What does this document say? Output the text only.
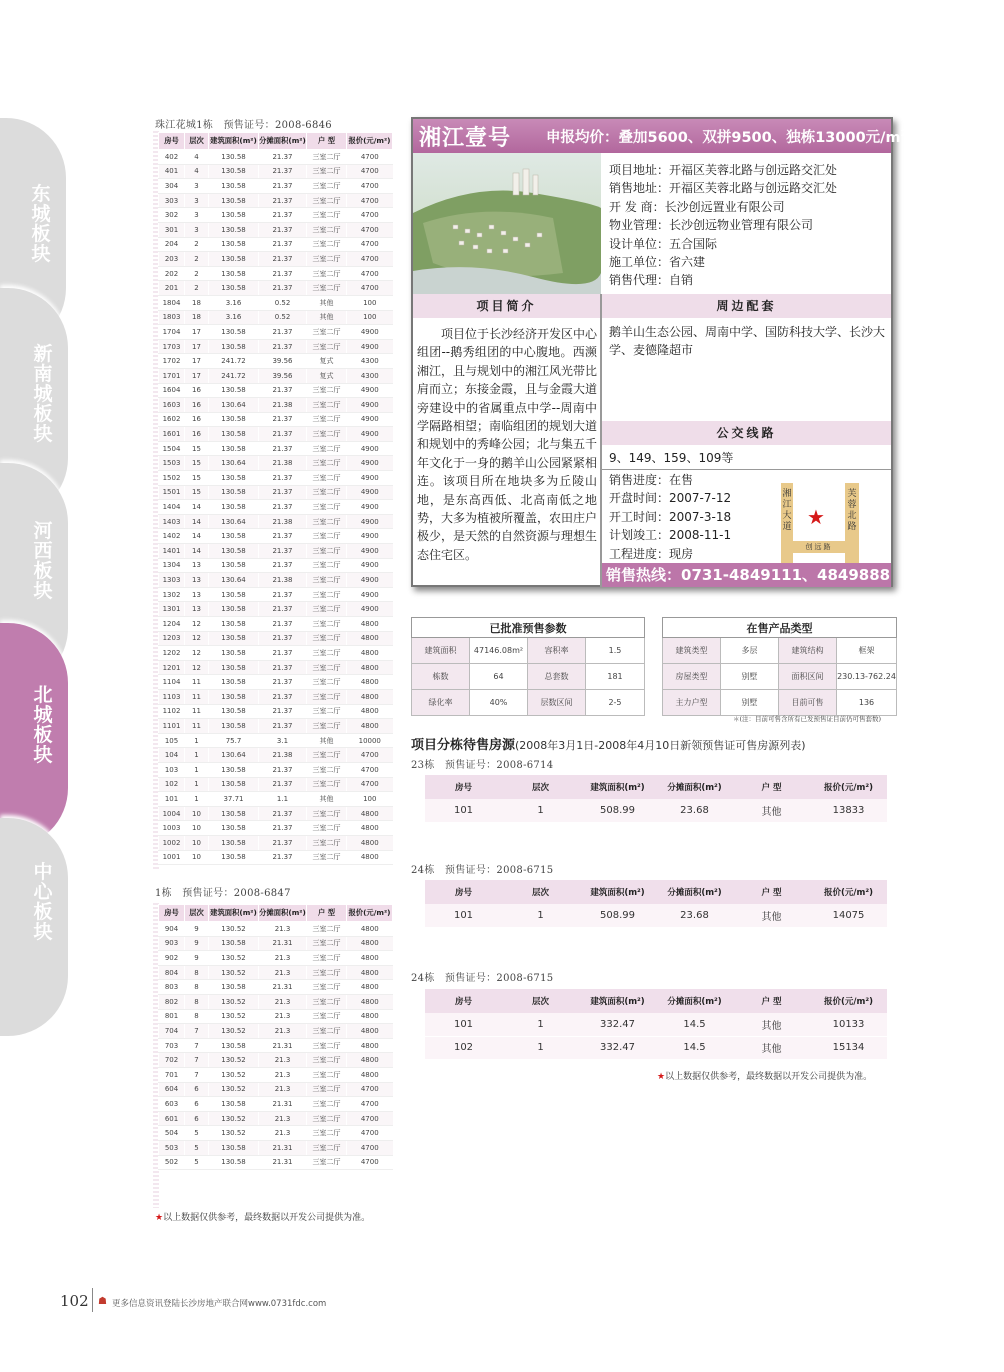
东城板块
新南城板块
河西板块
北城板块
中心板块
珠江花城1栋　预售证号：2008-6846
房号	层次	建筑面积(m²)	分摊面积(m²)	户 型	报价(元/m²)
402	4	130.58	21.37	三室二厅	4700
401	4	130.58	21.37	三室二厅	4700
304	3	130.58	21.37	三室二厅	4700
303	3	130.58	21.37	三室二厅	4700
302	3	130.58	21.37	三室二厅	4700
301	3	130.58	21.37	三室二厅	4700
204	2	130.58	21.37	三室二厅	4700
203	2	130.58	21.37	三室二厅	4700
202	2	130.58	21.37	三室二厅	4700
201	2	130.58	21.37	三室二厅	4700
1804	18	3.16	0.52	其他	100
1803	18	3.16	0.52	其他	100
1704	17	130.58	21.37	三室二厅	4900
1703	17	130.58	21.37	三室二厅	4900
1702	17	241.72	39.56	复式	4300
1701	17	241.72	39.56	复式	4300
1604	16	130.58	21.37	三室二厅	4900
1603	16	130.64	21.38	三室二厅	4900
1602	16	130.58	21.37	三室二厅	4900
1601	16	130.58	21.37	三室二厅	4900
1504	15	130.58	21.37	三室二厅	4900
1503	15	130.64	21.38	三室二厅	4900
1502	15	130.58	21.37	三室二厅	4900
1501	15	130.58	21.37	三室二厅	4900
1404	14	130.58	21.37	三室二厅	4900
1403	14	130.64	21.38	三室二厅	4900
1402	14	130.58	21.37	三室二厅	4900
1401	14	130.58	21.37	三室二厅	4900
1304	13	130.58	21.37	三室二厅	4900
1303	13	130.64	21.38	三室二厅	4900
1302	13	130.58	21.37	三室二厅	4900
1301	13	130.58	21.37	三室二厅	4900
1204	12	130.58	21.37	三室二厅	4800
1203	12	130.58	21.37	三室二厅	4800
1202	12	130.58	21.37	三室二厅	4800
1201	12	130.58	21.37	三室二厅	4800
1104	11	130.58	21.37	三室二厅	4800
1103	11	130.58	21.37	三室二厅	4800
1102	11	130.58	21.37	三室二厅	4800
1101	11	130.58	21.37	三室二厅	4800
105	1	75.7	3.1	其他	10000
104	1	130.64	21.38	三室二厅	4700
103	1	130.58	21.37	三室二厅	4700
102	1	130.58	21.37	三室二厅	4700
101	1	37.71	1.1	其他	100
1004	10	130.58	21.37	三室二厅	4800
1003	10	130.58	21.37	三室二厅	4800
1002	10	130.58	21.37	三室二厅	4800
1001	10	130.58	21.37	三室二厅	4800
1栋　预售证号：2008-6847
房号	层次	建筑面积(m²)	分摊面积(m²)	户 型	报价(元/m²)
904	9	130.52	21.3	三室二厅	4800
903	9	130.58	21.31	三室二厅	4800
902	9	130.52	21.3	三室二厅	4800
804	8	130.52	21.3	三室二厅	4800
803	8	130.58	21.31	三室二厅	4800
802	8	130.52	21.3	三室二厅	4800
801	8	130.52	21.3	三室二厅	4800
704	7	130.52	21.3	三室二厅	4800
703	7	130.58	21.31	三室二厅	4800
702	7	130.52	21.3	三室二厅	4800
701	7	130.52	21.3	三室二厅	4800
604	6	130.52	21.3	三室二厅	4700
603	6	130.58	21.31	三室二厅	4700
601	6	130.52	21.3	三室二厅	4700
504	5	130.52	21.3	三室二厅	4700
503	5	130.58	21.31	三室二厅	4700
502	5	130.58	21.31	三室二厅	4700
★以上数据仅供参考，最终数据以开发公司提供为准。
湘江壹号 申报均价：叠加5600、双拼9500、独栋13000元$/m^2$
项目地址：开福区芙蓉北路与创远路交汇处
销售地址：开福区芙蓉北路与创远路交汇处
开 发 商：长沙创远置业有限公司
物业管理：长沙创远物业管理有限公司
设计单位：五合国际
施工单位：省六建
销售代理：自销
项目简介	周边配套
项目位于长沙经济开发区中心组团--鹅秀组团的中心腹地。西濒湘江，且与规划中的湘江风光带比肩而立；东接金霞，且与金霞大道旁建设中的省属重点中学--周南中学隔路相望；南临组团的规划大道和规划中的秀峰公园；北与集五千年文化于一身的鹅羊山公园紧紧相连。该项目所在地块多为丘陵山地，是东高西低、北高南低之地势，大多为植被所覆盖，农田庄户极少，是天然的自然资源与理想生态住宅区。
鹅羊山生态公园、周南中学、国防科技大学、长沙大学、麦德隆超市
公交线路
9、149、159、109等
销售进度：在售
开盘时间：2007-7-12
开工时间：2007-3-18
计划竣工：2008-11-1
工程进度：现房
湘江大道
芙蓉北路
创远路
★
销售热线：0731-4849111、4849888
已批准预售参数			
建筑面积	47146.08m²	容积率	1.5
栋数	64	总套数	181
绿化率	40%	层数区间	2-5
在售产品类型			
建筑类型	多层	建筑结构	框架
房屋类型	别墅	面积区间	230.13-762.24
主力户型	别墅	目前可售	136
＊(注：目前可售含所有已发预售证目前仍可售套数)
项目分栋待售房源(2008年3月1日-2008年4月10日新领预售证可售房源列表)
23栋　预售证号：2008-6714
房号	层次	建筑面积(m²)	分摊面积(m²)	户 型	报价(元/m²)
101	1	508.99	23.68	其他	13833
24栋　预售证号：2008-6715
房号	层次	建筑面积(m²)	分摊面积(m²)	户 型	报价(元/m²)
101	1	508.99	23.68	其他	14075
24栋　预售证号：2008-6715
房号	层次	建筑面积(m²)	分摊面积(m²)	户 型	报价(元/m²)
101	1	332.47	14.5	其他	10133
102	1	332.47	14.5	其他	15134
★以上数据仅供参考，最终数据以开发公司提供为准。
102 ☗ 更多信息资讯登陆长沙房地产联合网www.0731fdc.com
